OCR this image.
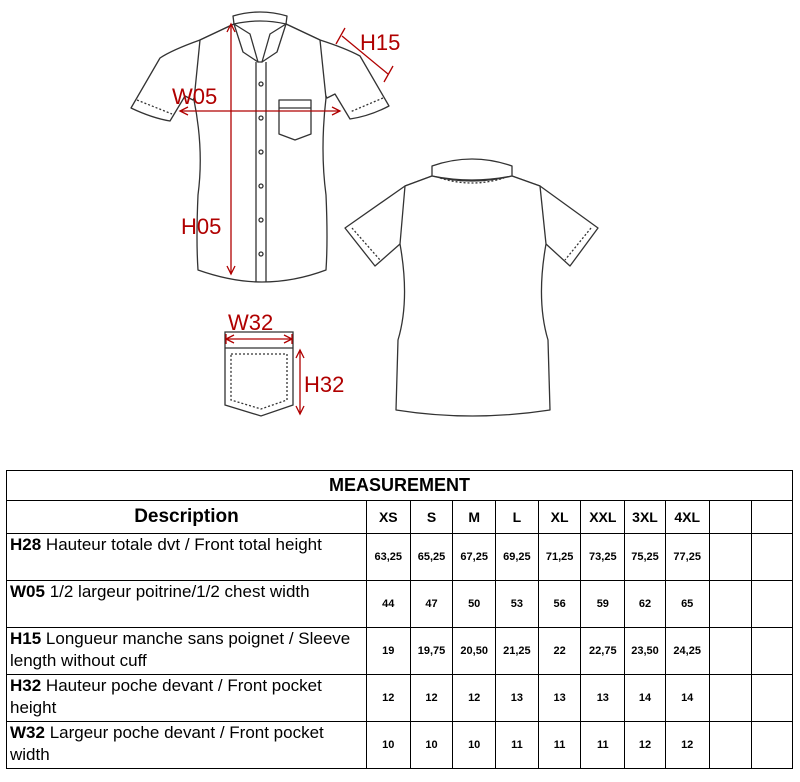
H15
W05
H05
W32
H32
MEASUREMENT										
Description	XS	S	M	L	XL	XXL	3XL	4XL		
H28 Hauteur totale dvt / Front total height	63,25	65,25	67,25	69,25	71,25	73,25	75,25	77,25		
W05 1/2 largeur poitrine/1/2 chest width	44	47	50	53	56	59	62	65		
H15 Longueur manche sans poignet / Sleeve length without cuff	19	19,75	20,50	21,25	22	22,75	23,50	24,25		
H32 Hauteur poche devant / Front pocket height	12	12	12	13	13	13	14	14		
W32 Largeur poche devant / Front pocket width	10	10	10	11	11	11	12	12		
